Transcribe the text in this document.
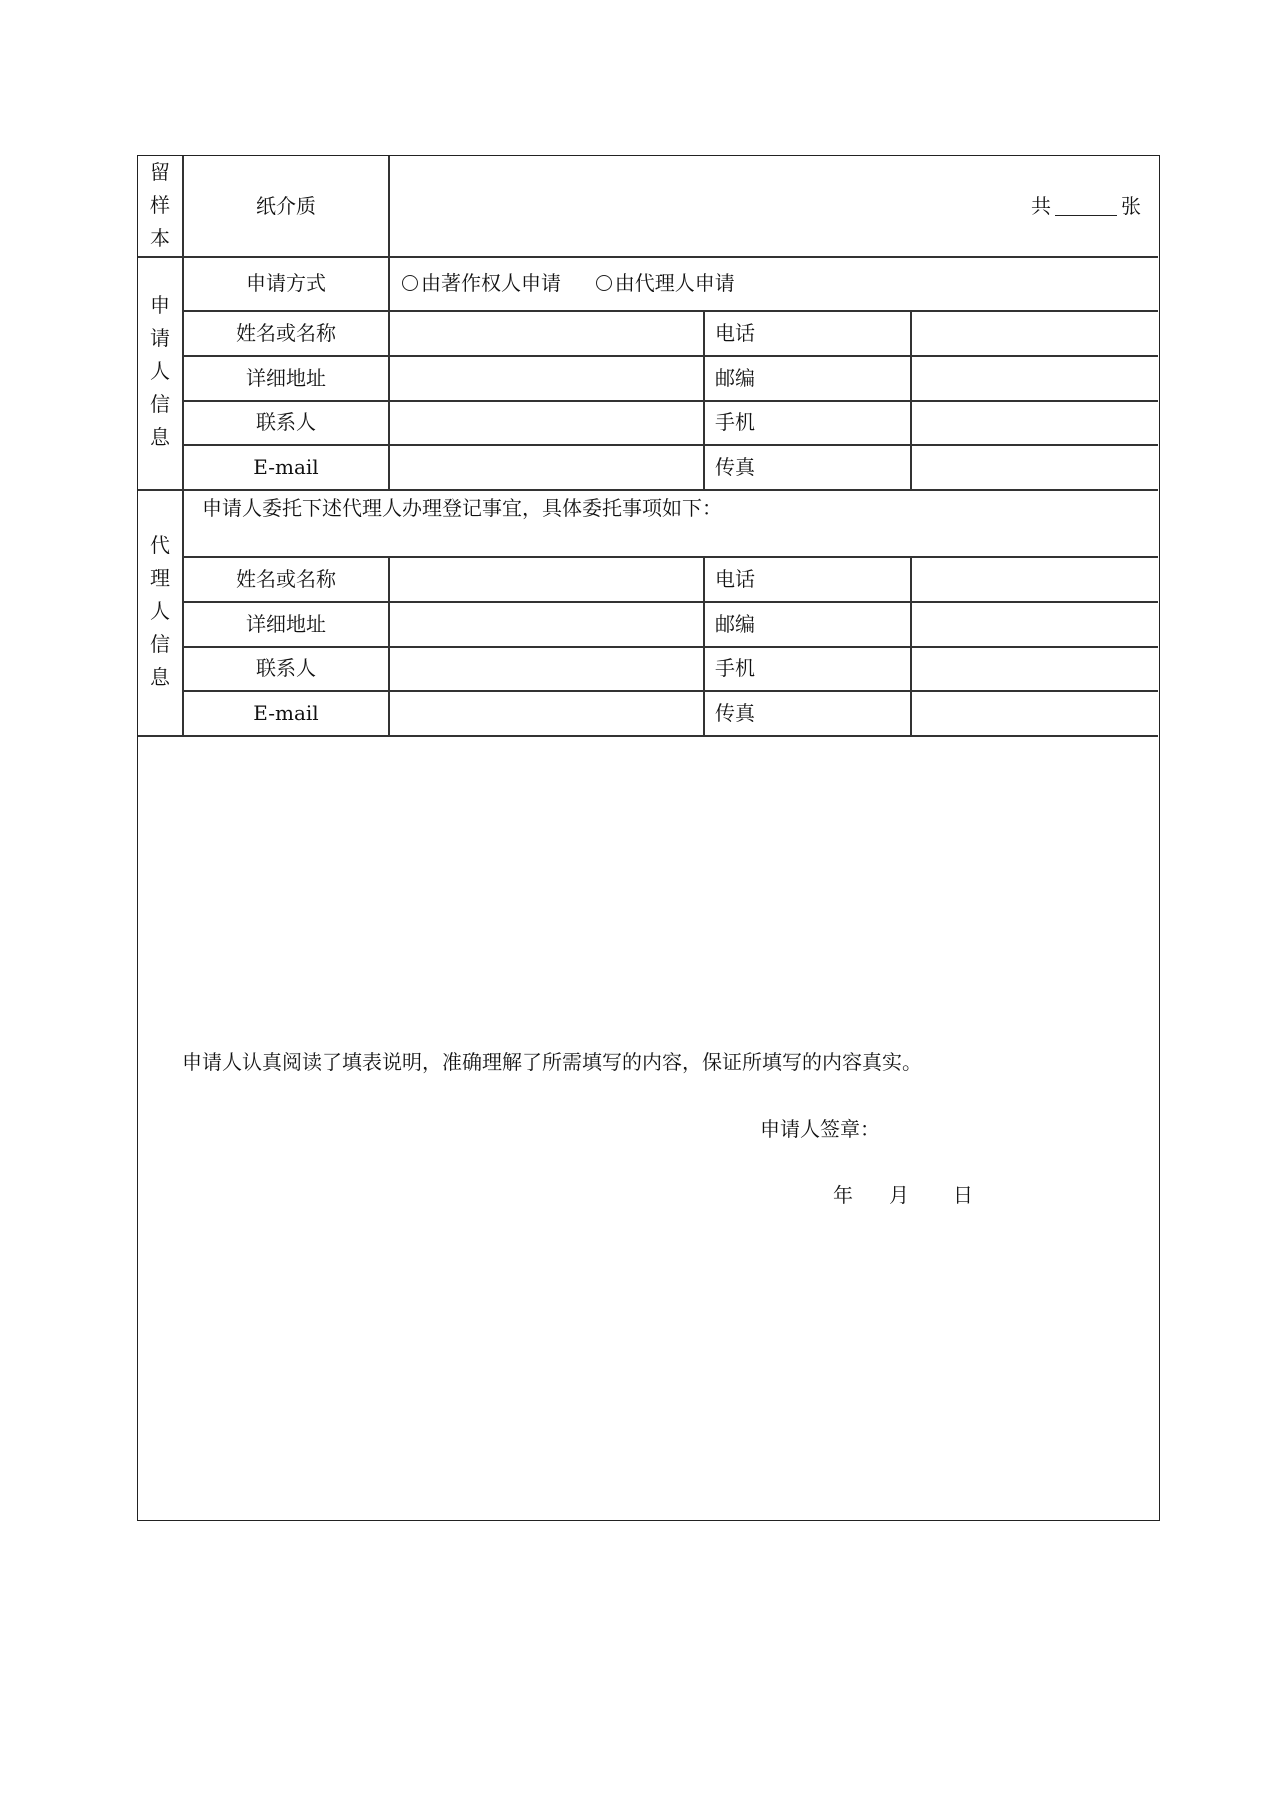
留
样
本
纸介质	共	张
申
请
人
信
息
申请方式	由著作权人申请	由代理人申请
姓名或名称	电话
详细地址	邮编
联系人	手机
E-mail	传真
代
理
人
信
息
申请人委托下述代理人办理登记事宜，具体委托事项如下：
姓名或名称	电话
详细地址	邮编
联系人	手机
E-mail	传真
申请人认真阅读了填表说明，准确理解了所需填写的内容，保证所填写的内容真实。
申请人签章：
年 月 日
